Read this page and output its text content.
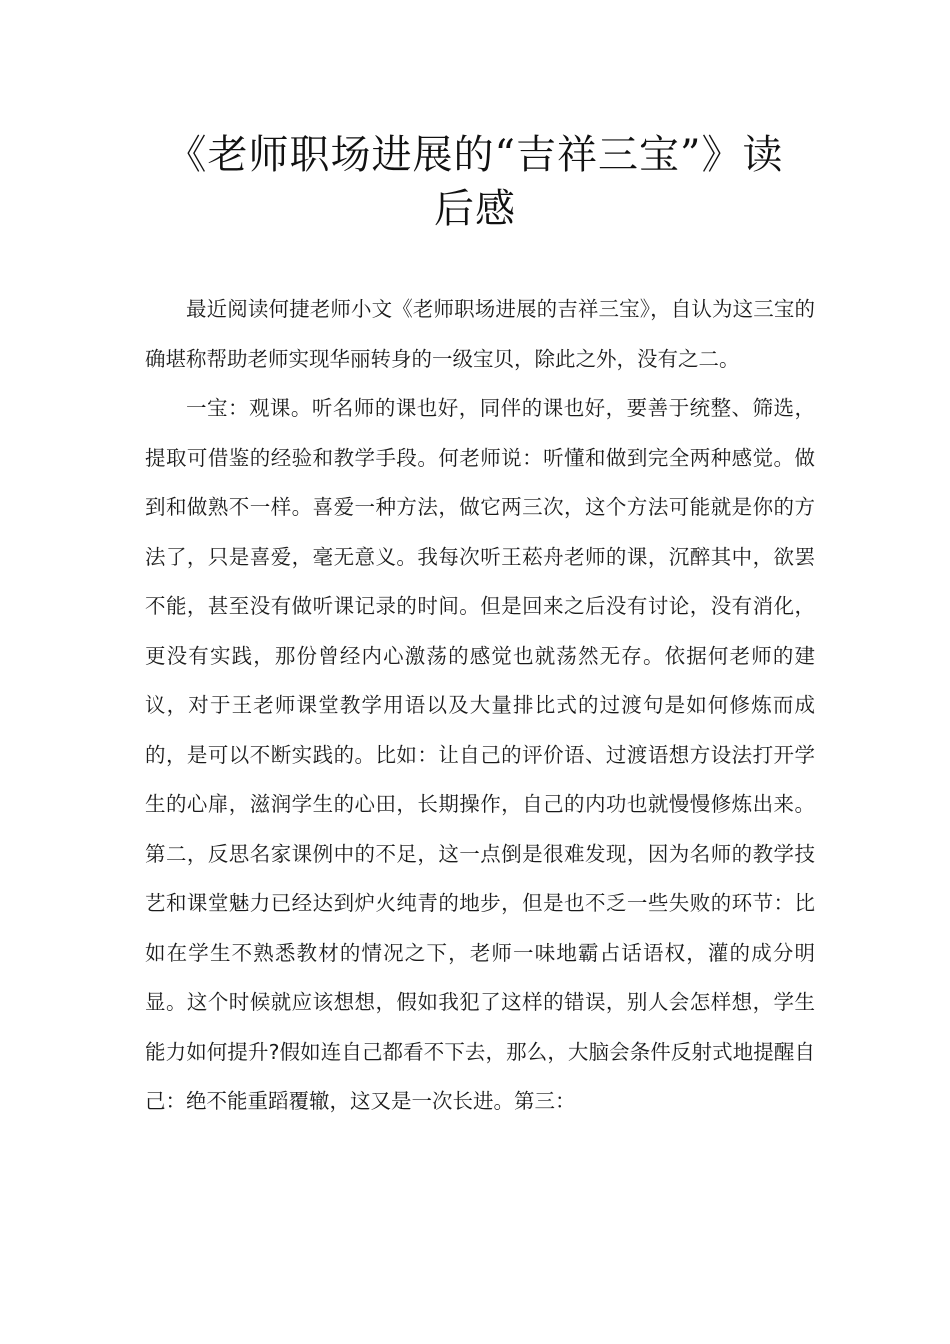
《老师职场进展的“吉祥三宝”》读后感

最近阅读何捷老师小文《老师职场进展的吉祥三宝》，自认为这三宝的确堪称帮助老师实现华丽转身的一级宝贝，除此之外，没有之二。

一宝：观课。听名师的课也好，同伴的课也好，要善于统整、筛选，提取可借鉴的经验和教学手段。何老师说：听懂和做到完全两种感觉。做到和做熟不一样。喜爱一种方法，做它两三次，这个方法可能就是你的方法了，只是喜爱，毫无意义。我每次听王菘舟老师的课，沉醉其中，欲罢不能，甚至没有做听课记录的时间。但是回来之后没有讨论，没有消化，更没有实践，那份曾经内心激荡的感觉也就荡然无存。依据何老师的建议，对于王老师课堂教学用语以及大量排比式的过渡句是如何修炼而成的，是可以不断实践的。比如：让自己的评价语、过渡语想方设法打开学生的心扉，滋润学生的心田，长期操作，自己的内功也就慢慢修炼出来。第二，反思名家课例中的不足，这一点倒是很难发现，因为名师的教学技艺和课堂魅力已经达到炉火纯青的地步，但是也不乏一些失败的环节：比如在学生不熟悉教材的情况之下，老师一味地霸占话语权，灌的成分明显。这个时候就应该想想，假如我犯了这样的错误，别人会怎样想，学生能力如何提升?假如连自己都看不下去，那么，大脑会条件反射式地提醒自己：绝不能重蹈覆辙，这又是一次长进。第三：
